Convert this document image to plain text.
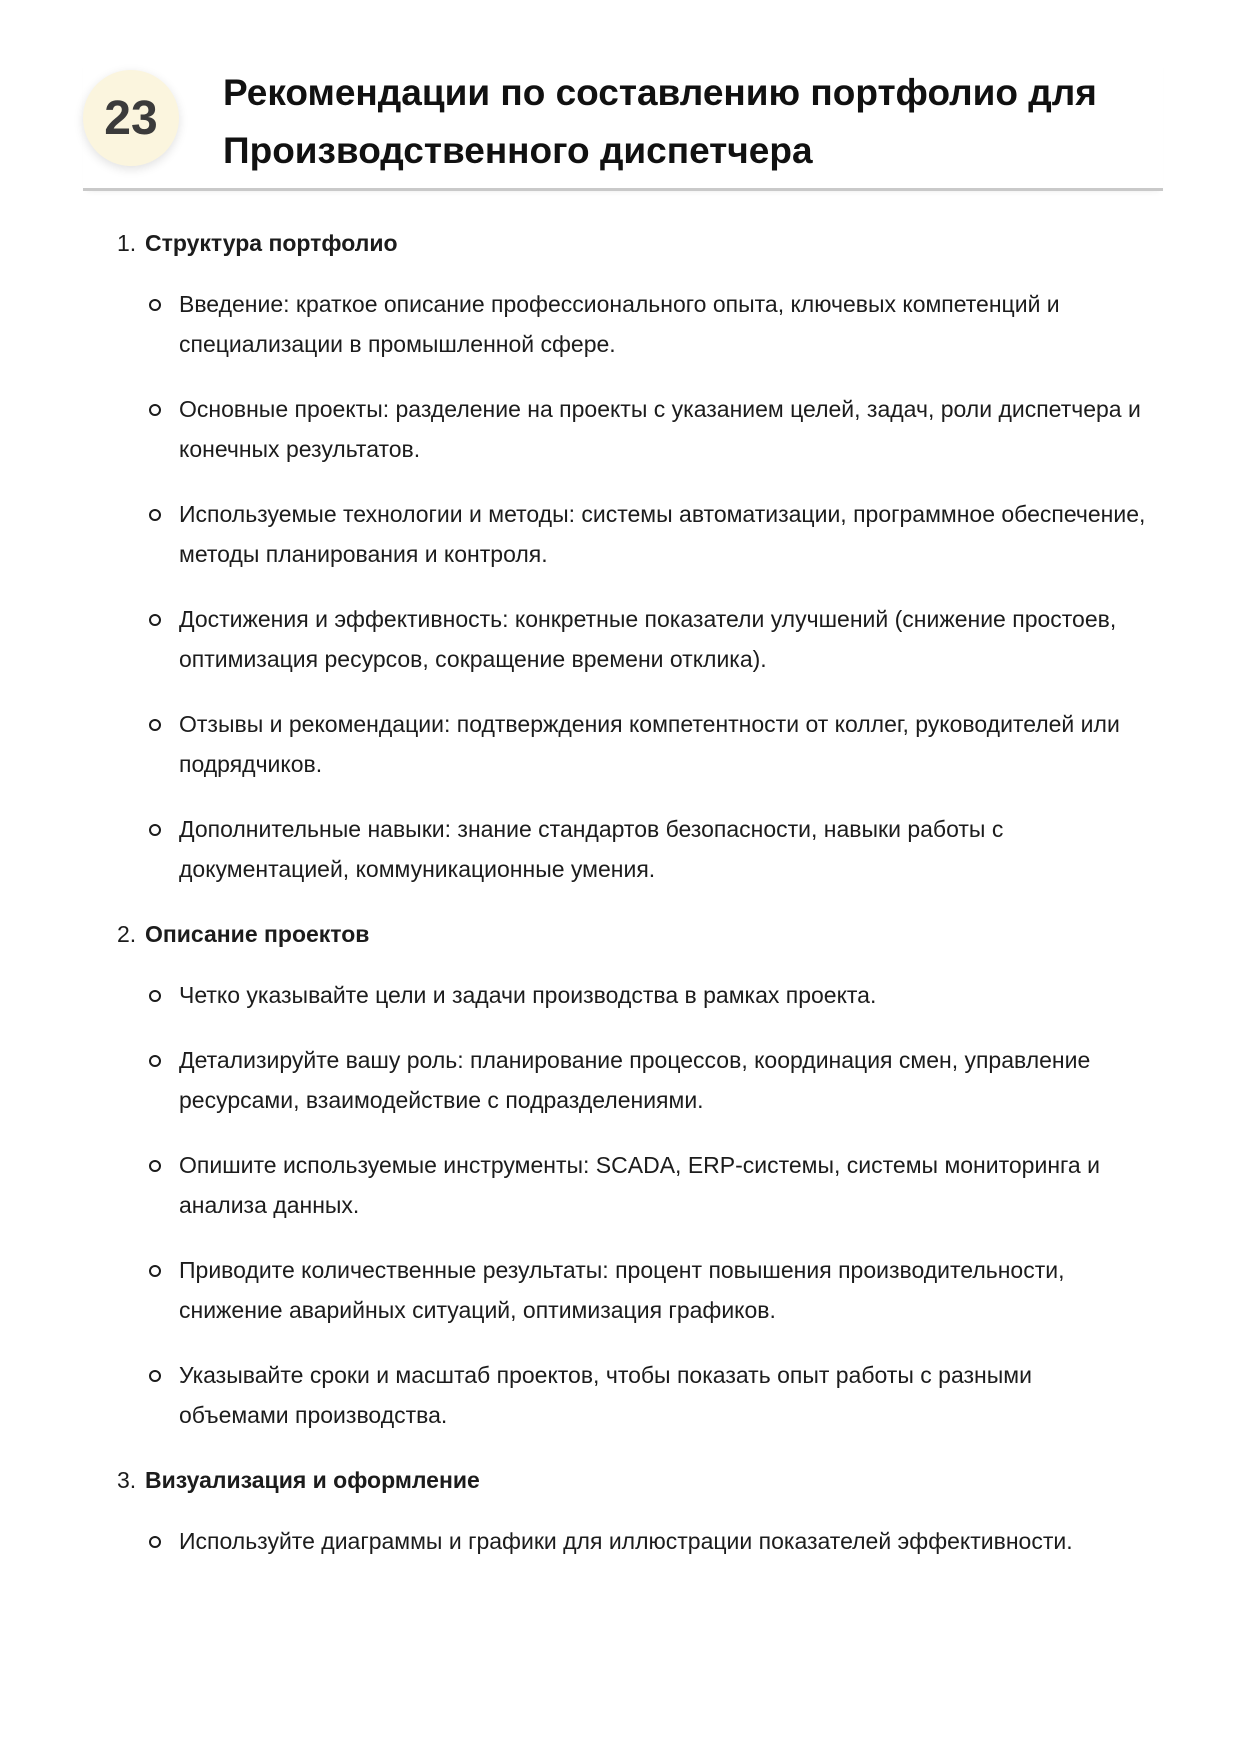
23	Рекомендации по составлению портфолио для Производственного диспетчера
1. Структура портфолио
Введение: краткое описание профессионального опыта, ключевых компетенций и специализации в промышленной сфере.
Основные проекты: разделение на проекты с указанием целей, задач, роли диспетчера и конечных результатов.
Используемые технологии и методы: системы автоматизации, программное обеспечение, методы планирования и контроля.
Достижения и эффективность: конкретные показатели улучшений (снижение простоев, оптимизация ресурсов, сокращение времени отклика).
Отзывы и рекомендации: подтверждения компетентности от коллег, руководителей или подрядчиков.
Дополнительные навыки: знание стандартов безопасности, навыки работы с документацией, коммуникационные умения.
2. Описание проектов
Четко указывайте цели и задачи производства в рамках проекта.
Детализируйте вашу роль: планирование процессов, координация смен, управление ресурсами, взаимодействие с подразделениями.
Опишите используемые инструменты: SCADA, ERP-системы, системы мониторинга и анализа данных.
Приводите количественные результаты: процент повышения производительности, снижение аварийных ситуаций, оптимизация графиков.
Указывайте сроки и масштаб проектов, чтобы показать опыт работы с разными объемами производства.
3. Визуализация и оформление
Используйте диаграммы и графики для иллюстрации показателей эффективности.
